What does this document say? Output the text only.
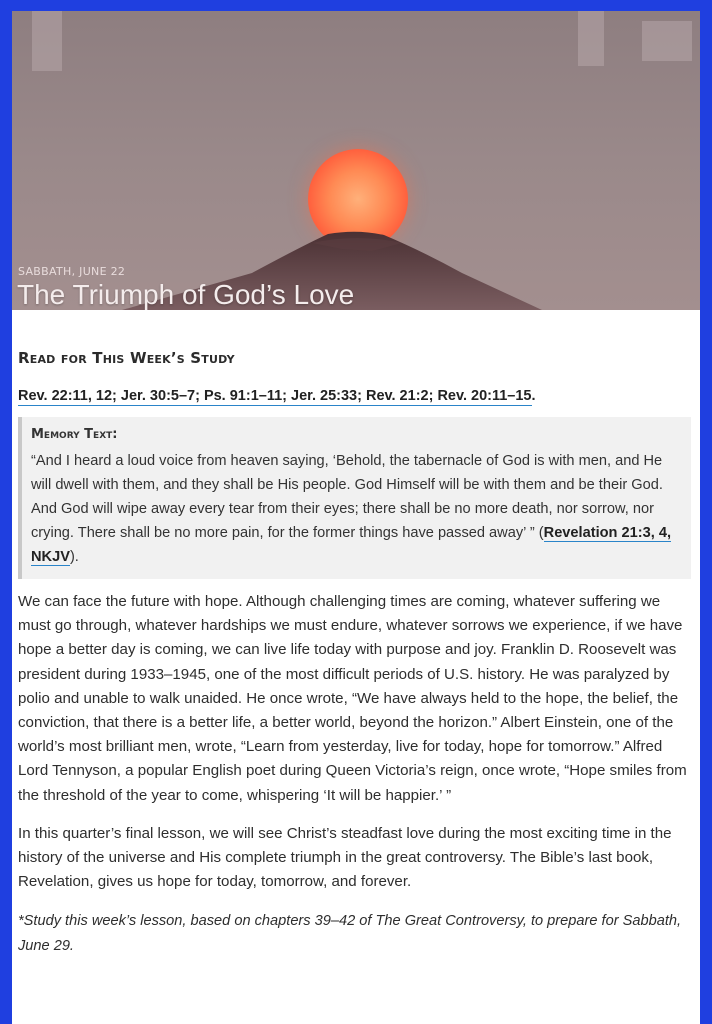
SABBATH, JUNE 22
The Triumph of God’s Love
Read for This Week’s Study
Rev. 22:11, 12; Jer. 30:5–7; Ps. 91:1–11; Jer. 25:33; Rev. 21:2; Rev. 20:11–15.
Memory Text:
“And I heard a loud voice from heaven saying, ‘Behold, the tabernacle of God is with men, and He will dwell with them, and they shall be His people. God Himself will be with them and be their God. And God will wipe away every tear from their eyes; there shall be no more death, nor sorrow, nor crying. There shall be no more pain, for the former things have passed away’ ” (Revelation 21:3, 4, NKJV).

We can face the future with hope. Although challenging times are coming, whatever suffering we must go through, whatever hardships we must endure, whatever sorrows we experience, if we have hope a better day is coming, we can live life today with purpose and joy. Franklin D. Roosevelt was president during 1933–1945, one of the most difficult periods of U.S. history. He was paralyzed by polio and unable to walk unaided. He once wrote, “We have always held to the hope, the belief, the conviction, that there is a better life, a better world, beyond the horizon.” Albert Einstein, one of the world’s most brilliant men, wrote, “Learn from yesterday, live for today, hope for tomorrow.” Alfred Lord Tennyson, a popular English poet during Queen Victoria’s reign, once wrote, “Hope smiles from the threshold of the year to come, whispering ‘It will be happier.’ ”

In this quarter’s final lesson, we will see Christ’s steadfast love during the most exciting time in the history of the universe and His complete triumph in the great controversy. The Bible’s last book, Revelation, gives us hope for today, tomorrow, and forever.

*Study this week’s lesson, based on chapters 39–42 of The Great Controversy, to prepare for Sabbath, June 29.
